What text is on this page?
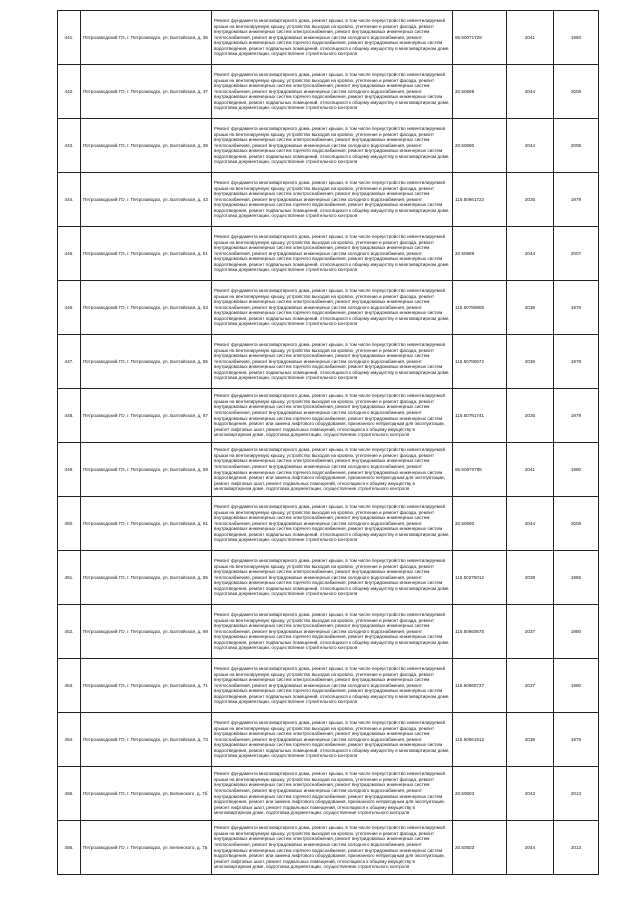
441.	Петрозаводский ГО, г. Петрозаводск, ул. Балтийская, д. 35	Ремонт фундамента многоквартирного дома, ремонт крыши, в том числе переустройство невентилируемой крыши на вентилируемую крышу, устройство выходов на кровлю, утепление и ремонт фасада, ремонт внутридомовых инженерных систем электроснабжения, ремонт внутридомовых инженерных систем теплоснабжения, ремонт внутридомовых инженерных систем холодного водоснабжения, ремонт внутридомовых инженерных систем горячего водоснабжения, ремонт внутридомовых инженерных систем водоотведения, ремонт подвальных помещений, относящихся к общему имуществу в многоквартирном доме, подготовка документации, осуществление строительного контроля	95.50071729	2041	1960
442.	Петрозаводский ГО, г. Петрозаводск, ул. Балтийская, д. 37	Ремонт фундамента многоквартирного дома, ремонт крыши, в том числе переустройство невентилируемой крыши на вентилируемую крышу, устройство выходов на кровлю, утепление и ремонт фасада, ремонт внутридомовых инженерных систем электроснабжения, ремонт внутридомовых инженерных систем теплоснабжения, ремонт внутридомовых инженерных систем холодного водоснабжения, ремонт внутридомовых инженерных систем горячего водоснабжения, ремонт внутридомовых инженерных систем водоотведения, ремонт подвальных помещений, относящихся к общему имуществу в многоквартирном доме, подготовка документации, осуществление строительного контроля	20.50688	2044	2008
443.	Петрозаводский ГО, г. Петрозаводск, ул. Балтийская, д. 39	Ремонт фундамента многоквартирного дома, ремонт крыши, в том числе переустройство невентилируемой крыши на вентилируемую крышу, устройство выходов на кровлю, утепление и ремонт фасада, ремонт внутридомовых инженерных систем электроснабжения, ремонт внутридомовых инженерных систем теплоснабжения, ремонт внутридомовых инженерных систем холодного водоснабжения, ремонт внутридомовых инженерных систем горячего водоснабжения, ремонт внутридомовых инженерных систем водоотведения, ремонт подвальных помещений, относящихся к общему имуществу в многоквартирном доме, подготовка документации, осуществление строительного контроля	20.50690	2044	2008
444.	Петрозаводский ГО, г. Петрозаводск, ул. Балтийская, д. 43	Ремонт фундамента многоквартирного дома, ремонт крыши, в том числе переустройство невентилируемой крыши на вентилируемую крышу, устройство выходов на кровлю, утепление и ремонт фасада, ремонт внутридомовых инженерных систем электроснабжения, ремонт внутридомовых инженерных систем теплоснабжения, ремонт внутридомовых инженерных систем холодного водоснабжения, ремонт внутридомовых инженерных систем горячего водоснабжения, ремонт внутридомовых инженерных систем водоотведения, ремонт подвальных помещений, относящихся к общему имуществу в многоквартирном доме, подготовка документации, осуществление строительного контроля	115.50661722	2036	1979
445.	Петрозаводский ГО, г. Петрозаводск, ул. Балтийская, д. 51	Ремонт фундамента многоквартирного дома, ремонт крыши, в том числе переустройство невентилируемой крыши на вентилируемую крышу, устройство выходов на кровлю, утепление и ремонт фасада, ремонт внутридомовых инженерных систем электроснабжения, ремонт внутридомовых инженерных систем теплоснабжения, ремонт внутридомовых инженерных систем холодного водоснабжения, ремонт внутридомовых инженерных систем горячего водоснабжения, ремонт внутридомовых инженерных систем водоотведения, ремонт подвальных помещений, относящихся к общему имуществу в многоквартирном доме, подготовка документации, осуществление строительного контроля	20.50689	2044	2007
446.	Петрозаводский ГО, г. Петрозаводск, ул. Балтийская, д. 53	Ремонт фундамента многоквартирного дома, ремонт крыши, в том числе переустройство невентилируемой крыши на вентилируемую крышу, устройство выходов на кровлю, утепление и ремонт фасада, ремонт внутридомовых инженерных систем электроснабжения, ремонт внутридомовых инженерных систем теплоснабжения, ремонт внутридомовых инженерных систем холодного водоснабжения, ремонт внутридомовых инженерных систем горячего водоснабжения, ремонт внутридомовых инженерных систем водоотведения, ремонт подвальных помещений, относящихся к общему имуществу в многоквартирном доме, подготовка документации, осуществление строительного контроля	115.50780905	2036	1978
447.	Петрозаводский ГО, г. Петрозаводск, ул. Балтийская, д. 55	Ремонт фундамента многоквартирного дома, ремонт крыши, в том числе переустройство невентилируемой крыши на вентилируемую крышу, устройство выходов на кровлю, утепление и ремонт фасада, ремонт внутридомовых инженерных систем электроснабжения, ремонт внутридомовых инженерных систем теплоснабжения, ремонт внутридомовых инженерных систем холодного водоснабжения, ремонт внутридомовых инженерных систем горячего водоснабжения, ремонт внутридомовых инженерных систем водоотведения, ремонт подвальных помещений, относящихся к общему имуществу в многоквартирном доме, подготовка документации, осуществление строительного контроля	115.50780672	2036	1978
448.	Петрозаводский ГО, г. Петрозаводск, ул. Балтийская, д. 57	Ремонт фундамента многоквартирного дома, ремонт крыши, в том числе переустройство невентилируемой крыши на вентилируемую крышу, устройство выходов на кровлю, утепление и ремонт фасада, ремонт внутридомовых инженерных систем электроснабжения, ремонт внутридомовых инженерных систем теплоснабжения, ремонт внутридомовых инженерных систем холодного водоснабжения, ремонт внутридомовых инженерных систем горячего водоснабжения, ремонт внутридомовых инженерных систем водоотведения, ремонт или замена лифтового оборудования, признанного непригодным для эксплуатации, ремонт лифтовых шахт, ремонт подвальных помещений, относящихся к общему имуществу в многоквартирном доме, подготовка документации, осуществление строительного контроля	115.50781741	2036	1979
449.	Петрозаводский ГО, г. Петрозаводск, ул. Балтийская, д. 59	Ремонт фундамента многоквартирного дома, ремонт крыши, в том числе переустройство невентилируемой крыши на вентилируемую крышу, устройство выходов на кровлю, утепление и ремонт фасада, ремонт внутридомовых инженерных систем электроснабжения, ремонт внутридомовых инженерных систем теплоснабжения, ремонт внутридомовых инженерных систем холодного водоснабжения, ремонт внутридомовых инженерных систем горячего водоснабжения, ремонт внутридомовых инженерных систем водоотведения, ремонт или замена лифтового оборудования, признанного непригодным для эксплуатации, ремонт лифтовых шахт, ремонт подвальных помещений, относящихся к общему имуществу в многоквартирном доме, подготовка документации, осуществление строительного контроля	95.50670795	2041	1980
450.	Петрозаводский ГО, г. Петрозаводск, ул. Балтийская, д. 61	Ремонт фундамента многоквартирного дома, ремонт крыши, в том числе переустройство невентилируемой крыши на вентилируемую крышу, устройство выходов на кровлю, утепление и ремонт фасада, ремонт внутридомовых инженерных систем электроснабжения, ремонт внутридомовых инженерных систем теплоснабжения, ремонт внутридомовых инженерных систем холодного водоснабжения, ремонт внутридомовых инженерных систем горячего водоснабжения, ремонт внутридомовых инженерных систем водоотведения, ремонт подвальных помещений, относящихся к общему имуществу в многоквартирном доме, подготовка документации, осуществление строительного контроля	20.50690	2044	2008
451.	Петрозаводский ГО, г. Петрозаводск, ул. Балтийская, д. 65	Ремонт фундамента многоквартирного дома, ремонт крыши, в том числе переустройство невентилируемой крыши на вентилируемую крышу, устройство выходов на кровлю, утепление и ремонт фасада, ремонт внутридомовых инженерных систем электроснабжения, ремонт внутридомовых инженерных систем теплоснабжения, ремонт внутридомовых инженерных систем холодного водоснабжения, ремонт внутридомовых инженерных систем горячего водоснабжения, ремонт внутридомовых инженерных систем водоотведения, ремонт подвальных помещений, относящихся к общему имуществу в многоквартирном доме, подготовка документации, осуществление строительного контроля	115.50275012	2038	1986
452.	Петрозаводский ГО, г. Петрозаводск, ул. Балтийская, д. 69	Ремонт фундамента многоквартирного дома, ремонт крыши, в том числе переустройство невентилируемой крыши на вентилируемую крышу, устройство выходов на кровлю, утепление и ремонт фасада, ремонт внутридомовых инженерных систем электроснабжения, ремонт внутридомовых инженерных систем теплоснабжения, ремонт внутридомовых инженерных систем холодного водоснабжения, ремонт внутридомовых инженерных систем горячего водоснабжения, ремонт внутридомовых инженерных систем водоотведения, ремонт подвальных помещений, относящихся к общему имуществу в многоквартирном доме, подготовка документации, осуществление строительного контроля	115.50660675	2037	1980
453.	Петрозаводский ГО, г. Петрозаводск, ул. Балтийская, д. 71	Ремонт фундамента многоквартирного дома, ремонт крыши, в том числе переустройство невентилируемой крыши на вентилируемую крышу, устройство выходов на кровлю, утепление и ремонт фасада, ремонт внутридомовых инженерных систем электроснабжения, ремонт внутридомовых инженерных систем теплоснабжения, ремонт внутридомовых инженерных систем холодного водоснабжения, ремонт внутридомовых инженерных систем горячего водоснабжения, ремонт внутридомовых инженерных систем водоотведения, ремонт подвальных помещений, относящихся к общему имуществу в многоквартирном доме, подготовка документации, осуществление строительного контроля	115.50660737	2037	1980
454.	Петрозаводский ГО, г. Петрозаводск, ул. Балтийская, д. 73	Ремонт фундамента многоквартирного дома, ремонт крыши, в том числе переустройство невентилируемой крыши на вентилируемую крышу, устройство выходов на кровлю, утепление и ремонт фасада, ремонт внутридомовых инженерных систем электроснабжения, ремонт внутридомовых инженерных систем теплоснабжения, ремонт внутридомовых инженерных систем холодного водоснабжения, ремонт внутридомовых инженерных систем горячего водоснабжения, ремонт внутридомовых инженерных систем водоотведения, ремонт подвальных помещений, относящихся к общему имуществу в многоквартирном доме, подготовка документации, осуществление строительного контроля	115.50661912	2036	1979
455.	Петрозаводский ГО, г. Петрозаводск, ул. Белинского, д. 7б	Ремонт фундамента многоквартирного дома, ремонт крыши, в том числе переустройство невентилируемой крыши на вентилируемую крышу, устройство выходов на кровлю, утепление и ремонт фасада, ремонт внутридомовых инженерных систем электроснабжения, ремонт внутридомовых инженерных систем теплоснабжения, ремонт внутридомовых инженерных систем холодного водоснабжения, ремонт внутридомовых инженерных систем горячего водоснабжения, ремонт внутридомовых инженерных систем водоотведения, ремонт или замена лифтового оборудования, признанного непригодным для эксплуатации, ремонт лифтовых шахт, ремонт подвальных помещений, относящихся к общему имуществу в многоквартирном доме, подготовка документации, осуществление строительного контроля	20.50503	2043	2013
456.	Петрозаводский ГО, г. Петрозаводск, ул. Белинского, д. 7в	Ремонт фундамента многоквартирного дома, ремонт крыши, в том числе переустройство невентилируемой крыши на вентилируемую крышу, устройство выходов на кровлю, утепление и ремонт фасада, ремонт внутридомовых инженерных систем электроснабжения, ремонт внутридомовых инженерных систем теплоснабжения, ремонт внутридомовых инженерных систем холодного водоснабжения, ремонт внутридомовых инженерных систем горячего водоснабжения, ремонт внутридомовых инженерных систем водоотведения, ремонт или замена лифтового оборудования, признанного непригодным для эксплуатации, ремонт лифтовых шахт, ремонт подвальных помещений, относящихся к общему имуществу в многоквартирном доме, подготовка документации, осуществление строительного контроля	20.50503	2044	2013
